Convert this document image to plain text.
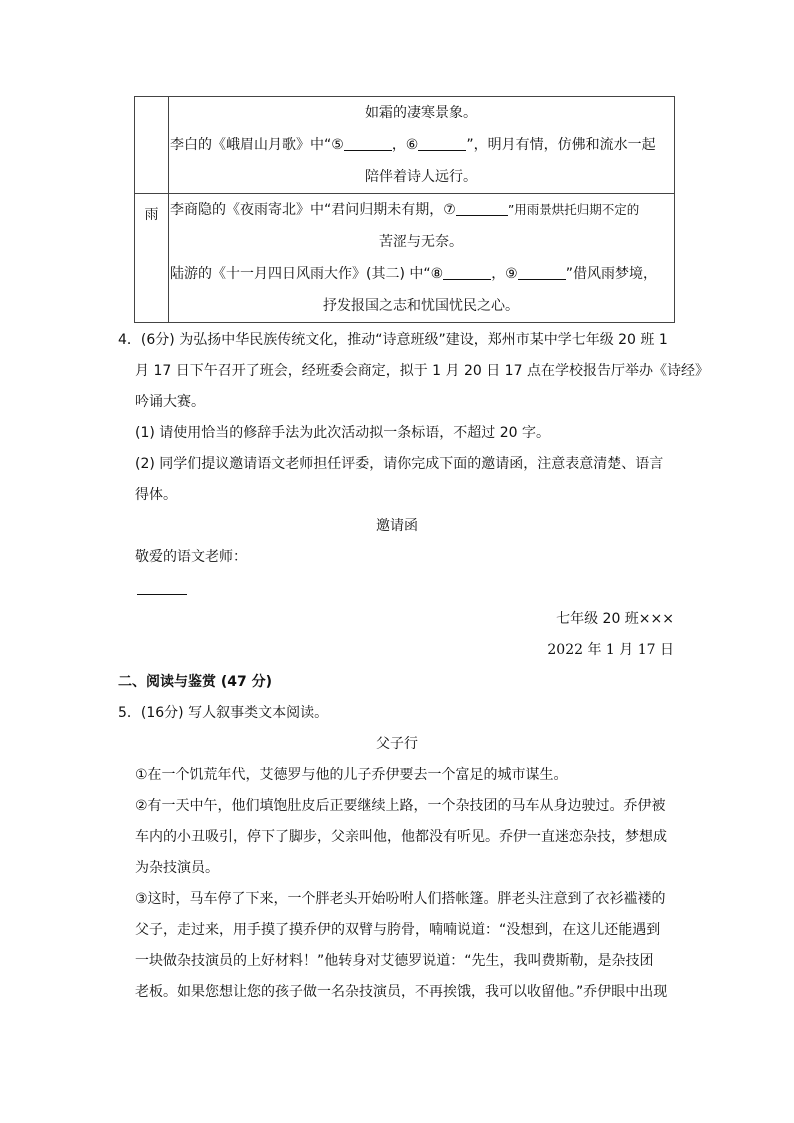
	如霜的凄寒景象。
李白的《峨眉山月歌》中“⑤ ，⑥ ”，明月有情，仿佛和流水一起
陪伴着诗人远行。

雨	李商隐的《夜雨寄北》中“君问归期未有期，⑦ ”用雨景烘托归期不定的
苦涩与无奈。
陆游的《十一月四日风雨大作》(其二) 中“⑧ ，⑨ ”借风雨梦境，
抒发报国之志和忧国忧民之心。
4．(6分) 为弘扬中华民族传统文化，推动“诗意班级”建设，郑州市某中学七年级 20 班 1
月 17 日下午召开了班会，经班委会商定，拟于 1 月 20 日 17 点在学校报告厅举办《诗经》
吟诵大赛。
(1) 请使用恰当的修辞手法为此次活动拟一条标语，不超过 20 字。
(2) 同学们提议邀请语文老师担任评委，请你完成下面的邀请函，注意表意清楚、语言
得体。
邀请函
敬爱的语文老师：
七年级 20 班×××
2022 年 1 月 17 日
二、阅读与鉴赏 (47 分)
5．(16分) 写人叙事类文本阅读。
父子行
①在一个饥荒年代，艾德罗与他的儿子乔伊要去一个富足的城市谋生。
②有一天中午，他们填饱肚皮后正要继续上路，一个杂技团的马车从身边驶过。乔伊被
车内的小丑吸引，停下了脚步，父亲叫他，他都没有听见。乔伊一直迷恋杂技，梦想成
为杂技演员。
③这时，马车停了下来，一个胖老头开始吩咐人们搭帐篷。胖老头注意到了衣衫褴褛的
父子，走过来，用手摸了摸乔伊的双臂与胯骨，喃喃说道：“没想到，在这儿还能遇到
一块做杂技演员的上好材料！”他转身对艾德罗说道：“先生，我叫费斯勒，是杂技团
老板。如果您想让您的孩子做一名杂技演员，不再挨饿，我可以收留他。”乔伊眼中出现
